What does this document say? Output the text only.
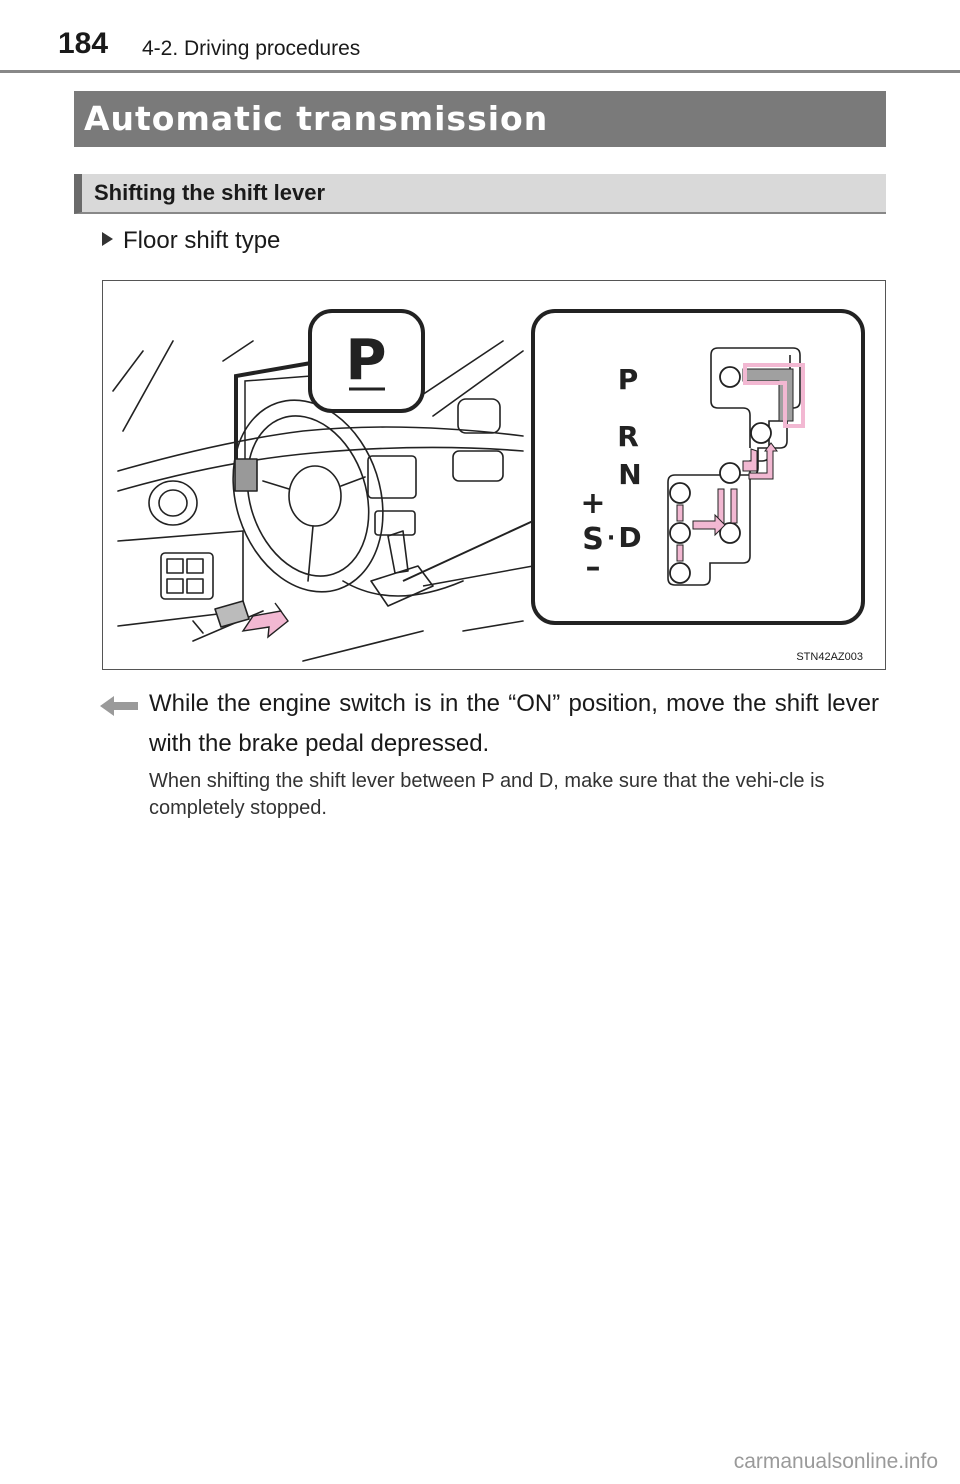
184 4-2. Driving procedures
Automatic transmission
Shifting the shift lever
Floor shift type
P	P
R
N
+
S · D
–
STN42AZ003
While the engine switch is in the “ON” position, move the shift lever with the brake pedal depressed.
When shifting the shift lever between P and D, make sure that the vehi-cle is completely stopped.
carmanualsonline.info
